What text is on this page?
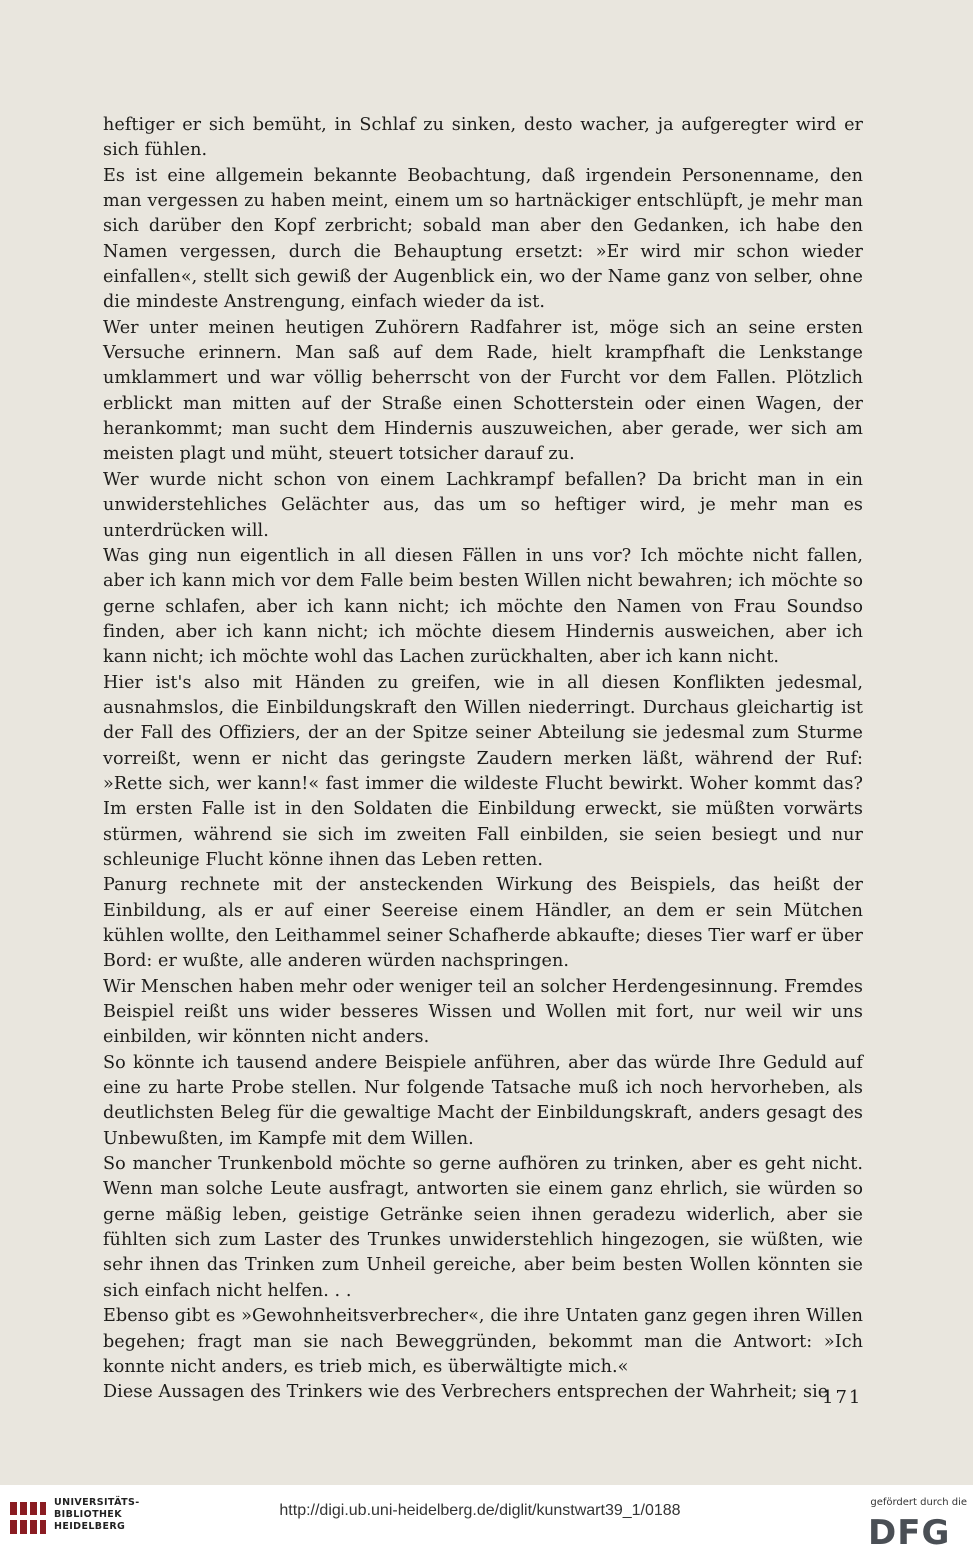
heftiger er sich bemüht, in Schlaf zu sinken, desto wacher, ja aufgeregter wird er sich fühlen.

Es ist eine allgemein bekannte Beobachtung, daß irgendein Personenname, den man vergessen zu haben meint, einem um so hartnäckiger entschlüpft, je mehr man sich darüber den Kopf zerbricht; sobald man aber den Gedanken, ich habe den Namen vergessen, durch die Behauptung ersetzt: »Er wird mir schon wieder einfallen«, stellt sich gewiß der Augenblick ein, wo der Name ganz von selber, ohne die mindeste Anstrengung, einfach wieder da ist.

Wer unter meinen heutigen Zuhörern Radfahrer ist, möge sich an seine ersten Versuche erinnern. Man saß auf dem Rade, hielt krampfhaft die Lenkstange umklammert und war völlig beherrscht von der Furcht vor dem Fallen. Plötzlich erblickt man mitten auf der Straße einen Schotterstein oder einen Wagen, der herankommt; man sucht dem Hindernis auszuweichen, aber gerade, wer sich am meisten plagt und müht, steuert totsicher darauf zu.

Wer wurde nicht schon von einem Lachkrampf befallen? Da bricht man in ein unwiderstehliches Gelächter aus, das um so heftiger wird, je mehr man es unterdrücken will.

Was ging nun eigentlich in all diesen Fällen in uns vor? Ich möchte nicht fallen, aber ich kann mich vor dem Falle beim besten Willen nicht bewahren; ich möchte so gerne schlafen, aber ich kann nicht; ich möchte den Namen von Frau Soundso finden, aber ich kann nicht; ich möchte diesem Hindernis ausweichen, aber ich kann nicht; ich möchte wohl das Lachen zurückhalten, aber ich kann nicht.

Hier ist's also mit Händen zu greifen, wie in all diesen Konflikten jedesmal, ausnahmslos, die Einbildungskraft den Willen niederringt. Durchaus gleichartig ist der Fall des Offiziers, der an der Spitze seiner Abteilung sie jedesmal zum Sturme vorreißt, wenn er nicht das geringste Zaudern merken läßt, während der Ruf: »Rette sich, wer kann!« fast immer die wildeste Flucht bewirkt. Woher kommt das? Im ersten Falle ist in den Soldaten die Einbildung erweckt, sie müßten vorwärts stürmen, während sie sich im zweiten Fall einbilden, sie seien besiegt und nur schleunige Flucht könne ihnen das Leben retten.

Panurg rechnete mit der ansteckenden Wirkung des Beispiels, das heißt der Einbildung, als er auf einer Seereise einem Händler, an dem er sein Mütchen kühlen wollte, den Leithammel seiner Schafherde abkaufte; dieses Tier warf er über Bord: er wußte, alle anderen würden nachspringen.

Wir Menschen haben mehr oder weniger teil an solcher Herdengesinnung. Fremdes Beispiel reißt uns wider besseres Wissen und Wollen mit fort, nur weil wir uns einbilden, wir könnten nicht anders.

So könnte ich tausend andere Beispiele anführen, aber das würde Ihre Geduld auf eine zu harte Probe stellen. Nur folgende Tatsache muß ich noch hervorheben, als deutlichsten Beleg für die gewaltige Macht der Einbildungskraft, anders gesagt des Unbewußten, im Kampfe mit dem Willen.

So mancher Trunkenbold möchte so gerne aufhören zu trinken, aber es geht nicht. Wenn man solche Leute ausfragt, antworten sie einem ganz ehrlich, sie würden so gerne mäßig leben, geistige Getränke seien ihnen geradezu widerlich, aber sie fühlten sich zum Laster des Trunkes unwiderstehlich hingezogen, sie wüßten, wie sehr ihnen das Trinken zum Unheil gereiche, aber beim besten Wollen könnten sie sich einfach nicht helfen. . .

Ebenso gibt es »Gewohnheitsverbrecher«, die ihre Untaten ganz gegen ihren Willen begehen; fragt man sie nach Beweggründen, bekommt man die Antwort: »Ich konnte nicht anders, es trieb mich, es überwältigte mich.«

Diese Aussagen des Trinkers wie des Verbrechers entsprechen der Wahrheit; sie

171
UNIVERSITÄTS-
BIBLIOTHEK
HEIDELBERG
http://digi.ub.uni-heidelberg.de/diglit/kunstwart39_1/0188	gefördert durch die
DFG
